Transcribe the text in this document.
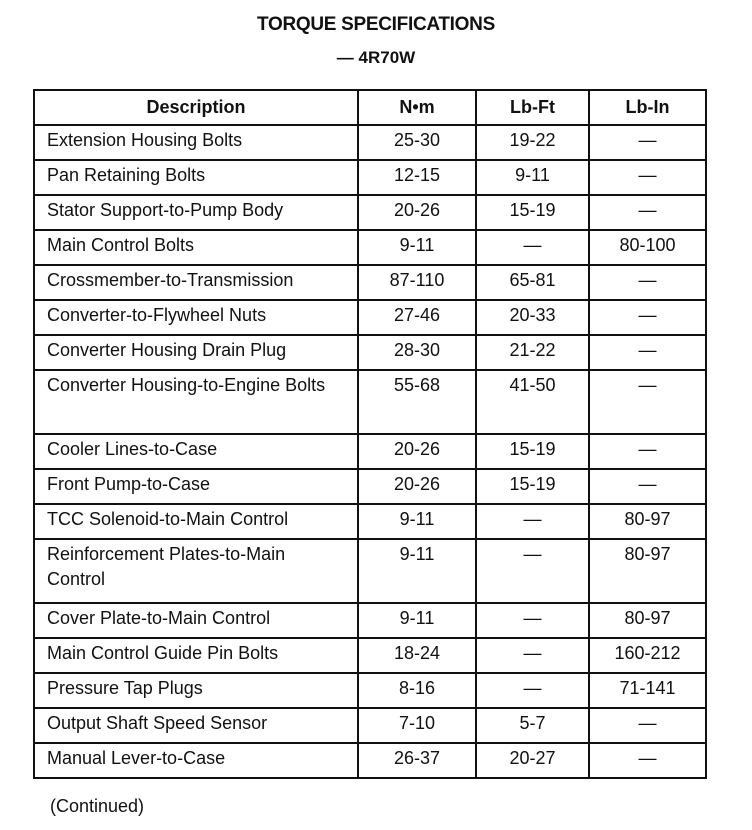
TORQUE SPECIFICATIONS
— 4R70W
Description	N•m	Lb-Ft	Lb-In
Extension Housing Bolts	25-30	19-22	—
Pan Retaining Bolts	12-15	9-11	—
Stator Support-to-Pump Body	20-26	15-19	—
Main Control Bolts	9-11	—	80-100
Crossmember-to-Transmission	87-110	65-81	—
Converter-to-Flywheel Nuts	27-46	20-33	—
Converter Housing Drain Plug	28-30	21-22	—
Converter Housing-to-Engine Bolts	55-68	41-50	—
Cooler Lines-to-Case	20-26	15-19	—
Front Pump-to-Case	20-26	15-19	—
TCC Solenoid-to-Main Control	9-11	—	80-97
Reinforcement Plates-to-Main Control	9-11	—	80-97
Cover Plate-to-Main Control	9-11	—	80-97
Main Control Guide Pin Bolts	18-24	—	160-212
Pressure Tap Plugs	8-16	—	71-141
Output Shaft Speed Sensor	7-10	5-7	—
Manual Lever-to-Case	26-37	20-27	—
(Continued)
